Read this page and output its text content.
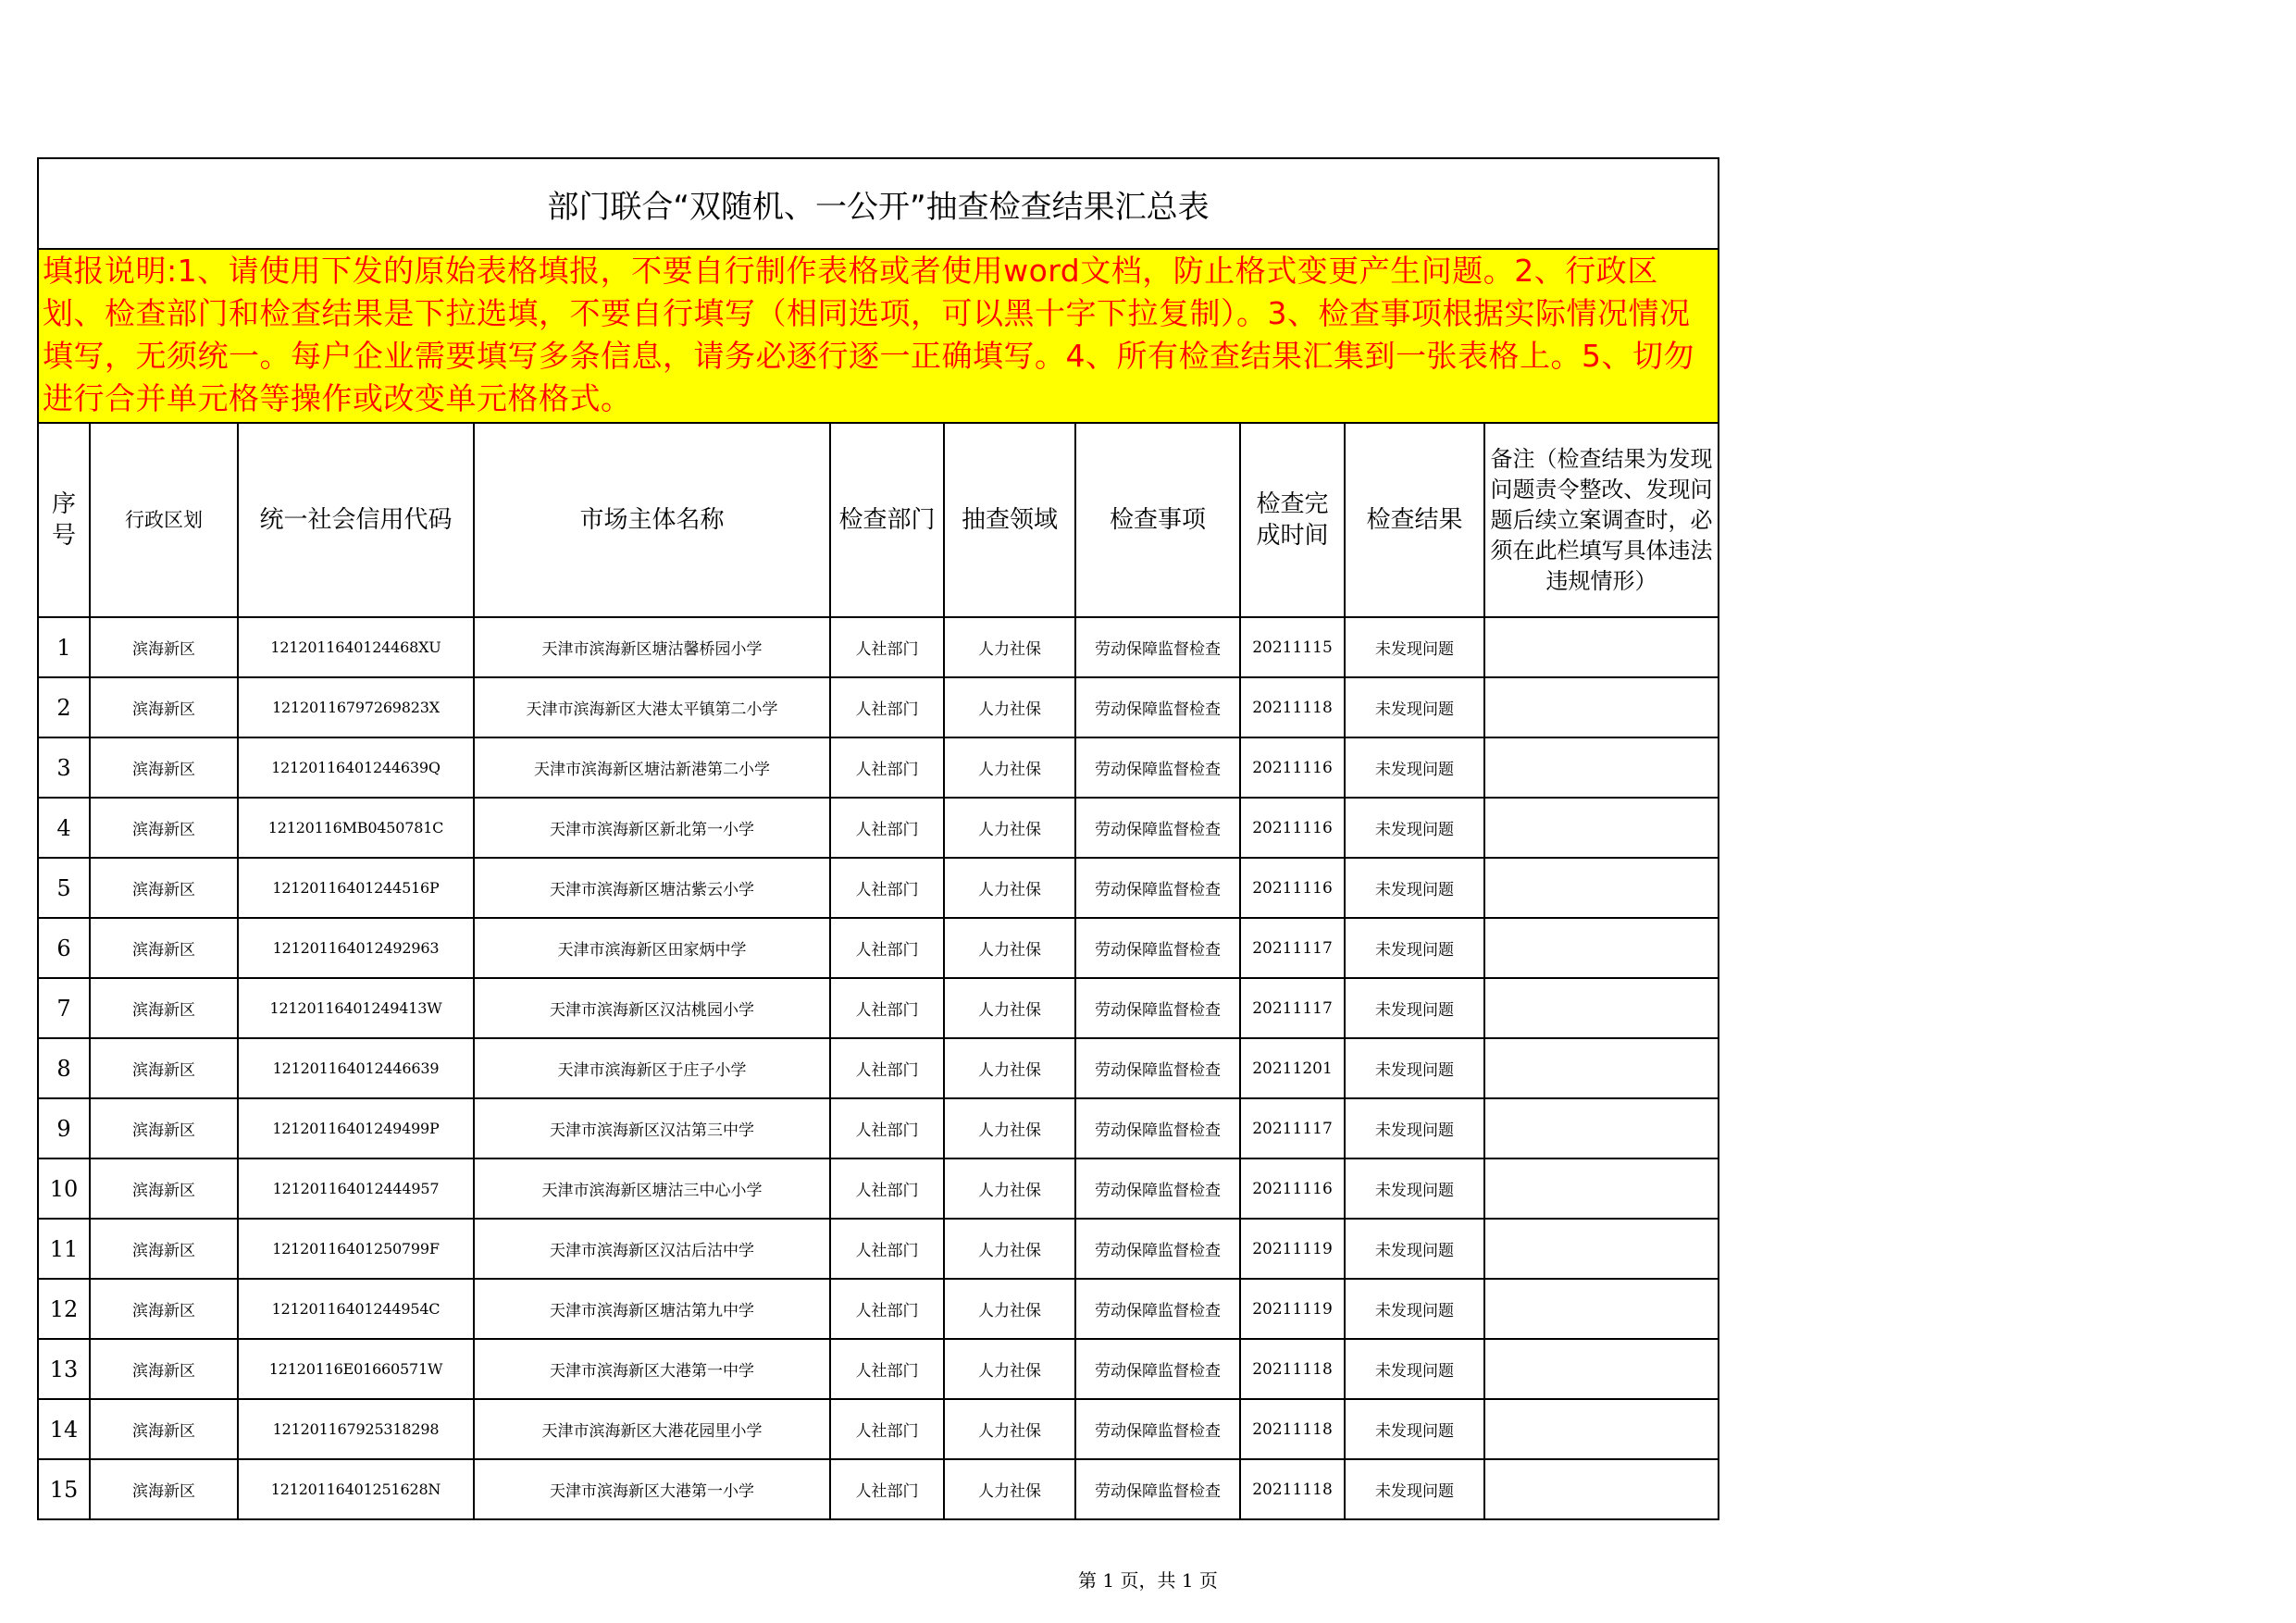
部门联合“双随机、一公开”抽查检查结果汇总表									
填报说明:1、请使用下发的原始表格填报，不要自行制作表格或者使用word文档，防止格式变更产生问题。2、行政区划、检查部门和检查结果是下拉选填，不要自行填写（相同选项，可以黑十字下拉复制）。3、检查事项根据实际情况情况填写，无须统一。每户企业需要填写多条信息，请务必逐行逐一正确填写。4、所有检查结果汇集到一张表格上。5、切勿进行合并单元格等操作或改变单元格格式。									
序号	行政区划	统一社会信用代码	市场主体名称	检查部门	抽查领域	检查事项	检查完成时间	检查结果	备注（检查结果为发现问题责令整改、发现问题后续立案调查时，必须在此栏填写具体违法违规情形）
1	滨海新区	1212011640124468XU	天津市滨海新区塘沽馨桥园小学	人社部门	人力社保	劳动保障监督检查	20211115	未发现问题	
2	滨海新区	1212011679726982​3X	天津市滨海新区大港太平镇第二小学	人社部门	人力社保	劳动保障监督检查	20211118	未发现问题	
3	滨海新区	12120116401244639Q	天津市滨海新区塘沽新港第二小学	人社部门	人力社保	劳动保障监督检查	20211116	未发现问题	
4	滨海新区	12120116MB0450781C	天津市滨海新区新北第一小学	人社部门	人力社保	劳动保障监督检查	20211116	未发现问题	
5	滨海新区	12120116401244516P	天津市滨海新区塘沽紫云小学	人社部门	人力社保	劳动保障监督检查	20211116	未发现问题	
6	滨海新区	121201164012492963	天津市滨海新区田家炳中学	人社部门	人力社保	劳动保障监督检查	20211117	未发现问题	
7	滨海新区	12120116401249413W	天津市滨海新区汉沽桃园小学	人社部门	人力社保	劳动保障监督检查	20211117	未发现问题	
8	滨海新区	121201164012446639	天津市滨海新区于庄子小学	人社部门	人力社保	劳动保障监督检查	20211201	未发现问题	
9	滨海新区	12120116401249499P	天津市滨海新区汉沽第三中学	人社部门	人力社保	劳动保障监督检查	20211117	未发现问题	
10	滨海新区	121201164012444957	天津市滨海新区塘沽三中心小学	人社部门	人力社保	劳动保障监督检查	20211116	未发现问题	
11	滨海新区	12120116401250799F	天津市滨海新区汉沽后沽中学	人社部门	人力社保	劳动保障监督检查	20211119	未发现问题	
12	滨海新区	12120116401244954C	天津市滨海新区塘沽第九中学	人社部门	人力社保	劳动保障监督检查	20211119	未发现问题	
13	滨海新区	12120116E01660571W	天津市滨海新区大港第一中学	人社部门	人力社保	劳动保障监督检查	20211118	未发现问题	
14	滨海新区	121201167925318298	天津市滨海新区大港花园里小学	人社部门	人力社保	劳动保障监督检查	20211118	未发现问题	
15	滨海新区	12120116401251628N	天津市滨海新区大港第一小学	人社部门	人力社保	劳动保障监督检查	20211118	未发现问题	
第 1 页，共 1 页
